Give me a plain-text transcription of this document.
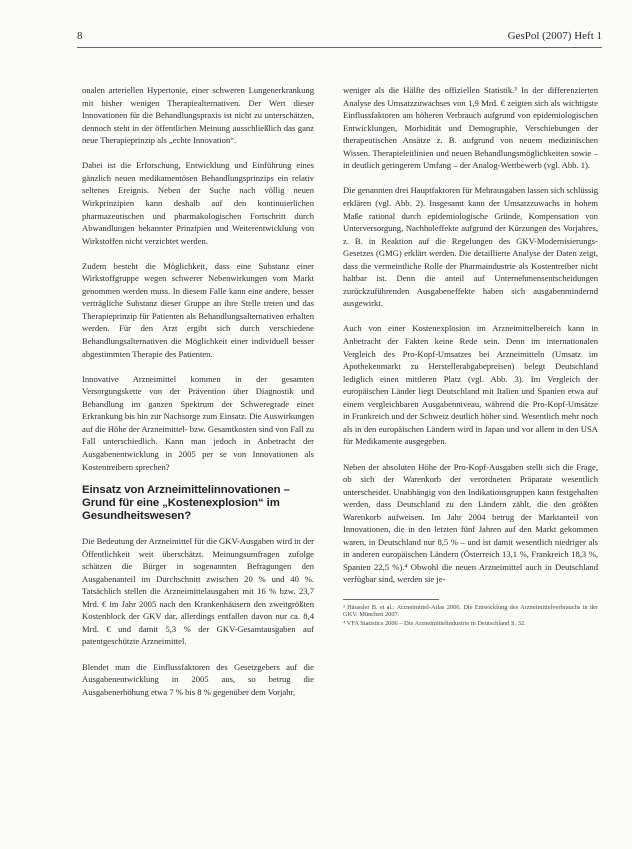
8	GesPol (2007) Heft 1

onalen arteriellen Hypertonie, einer schweren Lungenerkrankung mit bisher wenigen Therapiealternativen. Der Wert dieser Innovationen für die Behandlungspraxis ist nicht zu unterschätzen, dennoch steht in der öffentlichen Meinung ausschließlich das ganz neue Therapieprinzip als „echte Innovation“.

Dabei ist die Erforschung, Entwicklung und Einführung eines gänzlich neuen medikamentösen Behandlungsprinzips ein relativ seltenes Ereignis. Neben der Suche nach völlig neuen Wirkprinzipien kann deshalb auf den kontinuierlichen pharmazeutischen und pharmakologischen Fortschritt durch Abwandlungen bekannter Prinzipien und Weiterentwicklung von Wirkstoffen nicht verzichtet werden.

Zudem besteht die Möglichkeit, dass eine Substanz einer Wirkstoffgruppe wegen schwerer Nebenwirkungen vom Markt genommen werden muss. In diesem Falle kann eine andere, besser verträgliche Substanz dieser Gruppe an ihre Stelle treten und das Therapieprinzip für Patienten als Behandlungsalternativen erhalten werden. Für den Arzt ergibt sich durch verschiedene Behandlungsalternativen die Möglichkeit einer individuell besser abgestimmten Therapie des Patienten.

Innovative Arzneimittel kommen in der gesamten Versorgungskette von der Prävention über Diagnostik und Behandlung im ganzen Spektrum der Schweregrade einer Erkrankung bis hin zur Nachsorge zum Einsatz. Die Auswirkungen auf die Höhe der Arzneimittel- bzw. Gesamtkosten sind von Fall zu Fall unterschiedlich. Kann man jedoch in Anbetracht der Ausgabenentwicklung in 2005 per se von Innovationen als Kostentreibern sprechen?

Einsatz von Arzneimittelinnovationen – Grund für eine „Kostenexplosion“ im Gesundheitswesen?

Die Bedeutung der Arzneimittel für die GKV-Ausgaben wird in der Öffentlichkeit weit überschätzt. Meinungsumfragen zufolge schätzen die Bürger in sogenannten Befragungen den Ausgabenanteil im Durchschnitt zwischen 20 % und 40 %. Tatsächlich stellen die Arzneimittelausgaben mit 16 % bzw. 23,7 Mrd. € im Jahr 2005 nach den Krankenhäusern den zweitgrößten Kostenblock der GKV dar, allerdings entfallen davon nur ca. 8,4 Mrd. € und damit 5,3 % der GKV-Gesamtausgaben auf patentgeschützte Arzneimittel.

Blendet man die Einflussfaktoren des Gesetzgebers auf die Ausgabenentwicklung in 2005 aus, so betrug die Ausgabenerhöhung etwa 7 % bis 8 % gegenüber dem Vorjahr,

weniger als die Hälfte des offiziellen Statistik.³ In der differenzierten Analyse des Umsatzzuwachses von 1,9 Mrd. € zeigten sich als wichtigste Einflussfaktoren am höheren Verbrauch aufgrund von epidemiologischen Entwicklungen, Morbidität und Demographie, Verschiebungen der therapeutischen Ansätze z. B. aufgrund von neuem medizinischen Wissen. Therapieleitlinien und neuen Behandlungsmöglichkeiten sowie – in deutlich geringerem Umfang – der Analog-Wettbewerb (vgl. Abb. 1).

Die genannten drei Hauptfaktoren für Mehrausgaben lassen sich schlüssig erklären (vgl. Abb. 2). Insgesamt kann der Umsatzzuwachs in hohem Maße rational durch epidemiologische Gründe, Kompensation von Unterversorgung, Nachholeffekte aufgrund der Kürzungen des Vorjahres, z. B. in Reaktion auf die Regelungen des GKV-Modernisierungs-Gesetzes (GMG) erklärt werden. Die detaillierte Analyse der Daten zeigt, dass die vermeintliche Rolle der Pharmaindustrie als Kostentreiber nicht haltbar ist. Denn die anteil auf Unternehmensentscheidungen zurückzuführenden Ausgabeneffekte haben sich ausgabenmindernd ausgewirkt.

Auch von einer Kostenexplosion im Arzneimittelbereich kann in Anbetracht der Fakten keine Rede sein. Denn im internationalen Vergleich des Pro-Kopf-Umsatzes bei Arzneimitteln (Umsatz im Apothekenmarkt zu Herstellerabgabepreisen) belegt Deutschland lediglich einen mittleren Platz (vgl. Abb. 3). Im Vergleich der europäischen Länder liegt Deutschland mit Italien und Spanien etwa auf einem vergleichbaren Ausgabenniveau, während die Pro-Kopf-Umsätze in Frankreich und der Schweiz deutlich höher sind. Wesentlich mehr noch als in den europäischen Ländern wird in Japan und vor allem in den USA für Medikamente ausgegeben.

Neben der absoluten Höhe der Pro-Kopf-Ausgaben stellt sich die Frage, ob sich der Warenkorb der verordneten Präparate wesentlich unterscheidet. Unabhängig von den Indikationsgruppen kann festgehalten werden, dass Deutschland zu den Ländern zählt, die den größten Warenkorb aufweisen. Im Jahr 2004 betrug der Marktanteil von Innovationen, die in den letzten fünf Jahren auf den Markt gekommen waren, in Deutschland nur 8,5 % – und ist damit wesentlich niedriger als in anderen europäischen Ländern (Österreich 13,1 %, Frankreich 18,3 %, Spanien 22,5 %).⁴ Obwohl die neuen Arzneimittel auch in Deutschland verfügbar sind, werden sie je-

³ Häussler B. et al.: Arzneimittel-Atlas 2006. Die Entwicklung des Arzneimittelverbrauchs in der GKV. München 2007.
⁴ VFA Statistics 2006 – Die Arzneimittelindustrie in Deutschland S. 32.
